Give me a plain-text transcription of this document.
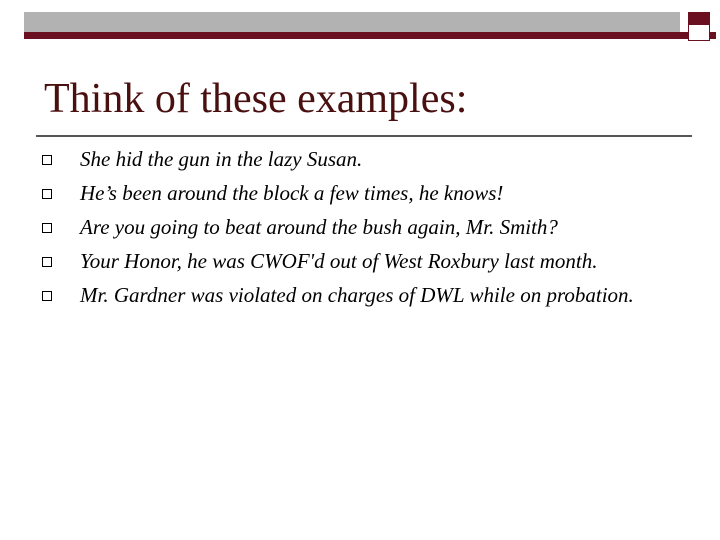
Think of these examples:
She hid the gun in the lazy Susan.
He’s been around the block a few times, he knows!
Are you going to beat around the bush again, Mr. Smith?
Your Honor, he was CWOF'd out of West Roxbury last month.
Mr. Gardner was violated on charges of DWL while on probation.
